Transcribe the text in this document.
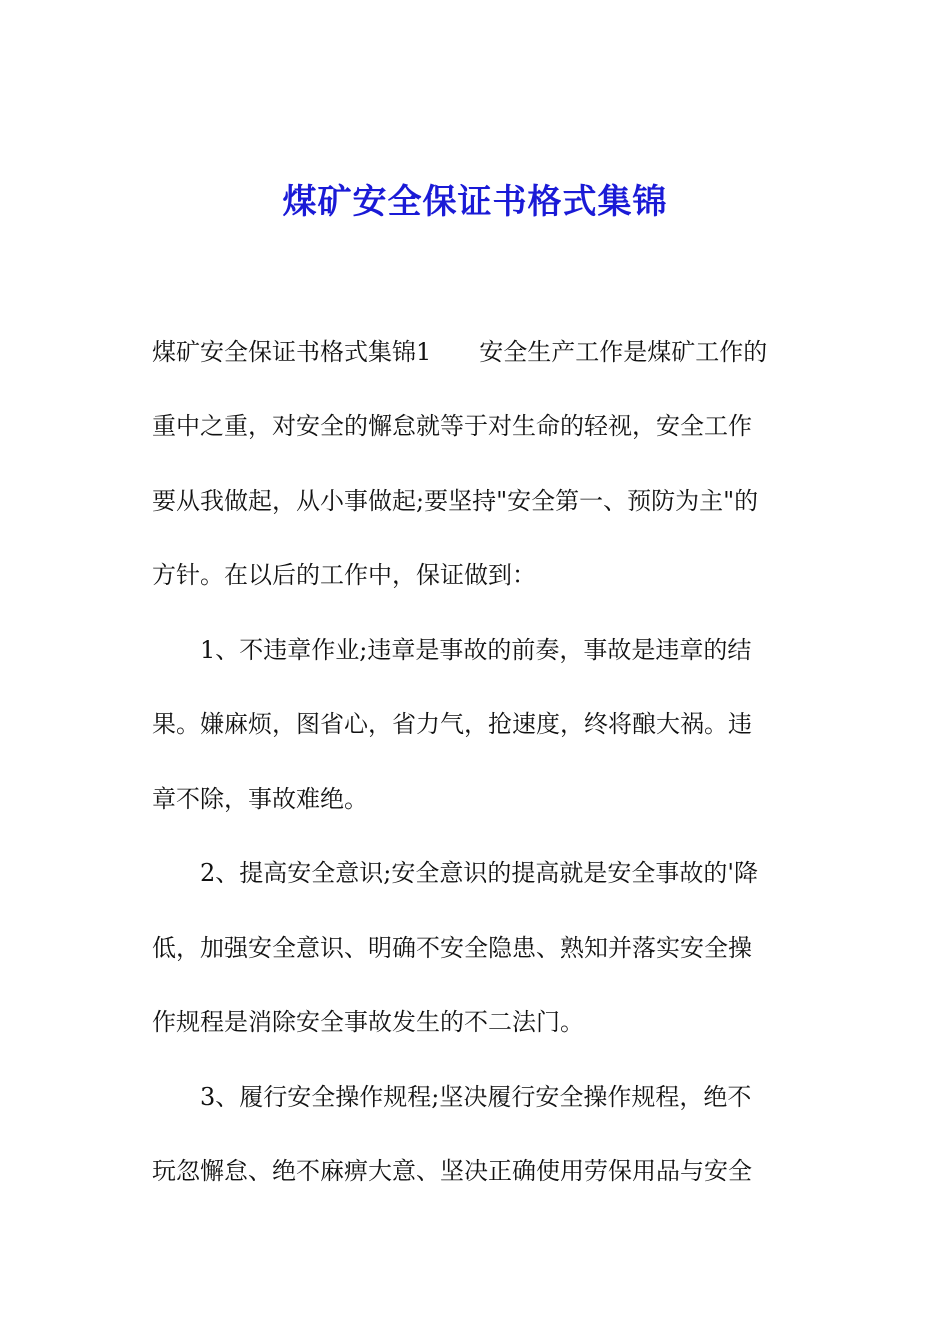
煤矿安全保证书格式集锦
煤矿安全保证书格式集锦1　　安全生产工作是煤矿工作的
重中之重，对安全的懈怠就等于对生命的轻视，安全工作
要从我做起，从小事做起;要坚持"安全第一、预防为主"的
方针。在以后的工作中，保证做到：
　　1、不违章作业;违章是事故的前奏，事故是违章的结
果。嫌麻烦，图省心，省力气，抢速度，终将酿大祸。违
章不除，事故难绝。
　　2、提高安全意识;安全意识的提高就是安全事故的'降
低，加强安全意识、明确不安全隐患、熟知并落实安全操
作规程是消除安全事故发生的不二法门。
　　3、履行安全操作规程;坚决履行安全操作规程，绝不
玩忽懈怠、绝不麻痹大意、坚决正确使用劳保用品与安全
